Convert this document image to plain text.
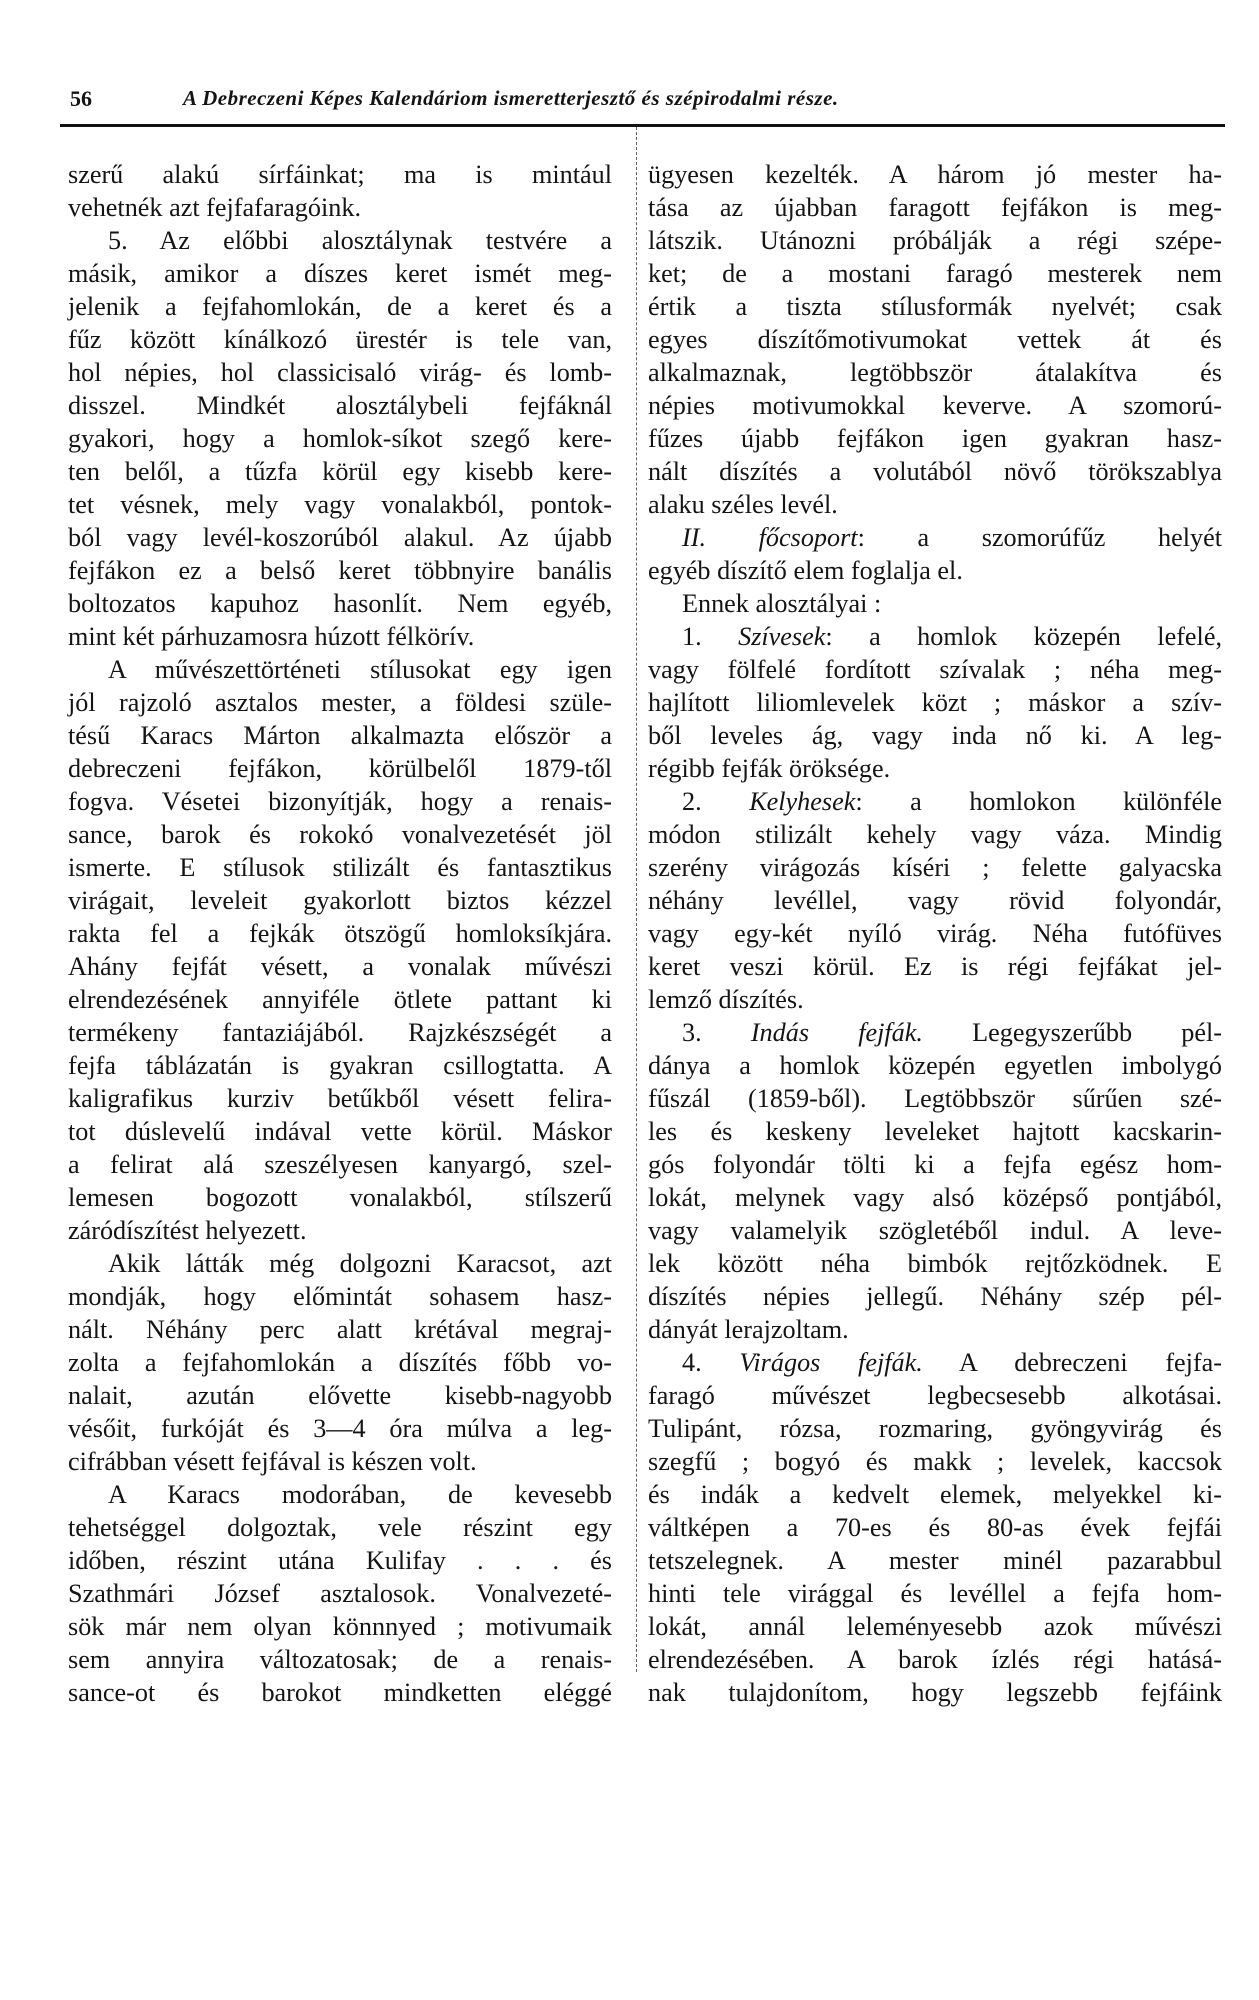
56	A Debreczeni Képes Kalendáriom ismeretterjesztő és szépirodalmi része.
szerű alakú sírfáinkat; ma is mintául
vehetnék azt fejfafaragóink.
5. Az előbbi alosztálynak testvére a
másik, amikor a díszes keret ismét meg-
jelenik a fejfahomlokán, de a keret és a
fűz között kínálkozó ürestér is tele van,
hol népies, hol classicisaló virág- és lomb-
disszel. Mindkét alosztálybeli fejfáknál
gyakori, hogy a homlok-síkot szegő kere-
ten belől, a tűzfa körül egy kisebb kere-
tet vésnek, mely vagy vonalakból, pontok-
ból vagy levél-koszorúból alakul. Az újabb
fejfákon ez a belső keret többnyire banális
boltozatos kapuhoz hasonlít. Nem egyéb,
mint két párhuzamosra húzott félkörív.
A művészettörténeti stílusokat egy igen
jól rajzoló asztalos mester, a földesi szüle-
tésű Karacs Márton alkalmazta először a
debreczeni fejfákon, körülbelől 1879-től
fogva. Vésetei bizonyítják, hogy a renais-
sance, barok és rokokó vonalvezetését jöl
ismerte. E stílusok stilizált és fantasztikus
virágait, leveleit gyakorlott biztos kézzel
rakta fel a fejkák ötszögű homloksíkjára.
Ahány fejfát vésett, a vonalak művészi
elrendezésének annyiféle ötlete pattant ki
termékeny fantaziájából. Rajzkészségét a
fejfa táblázatán is gyakran csillogtatta. A
kaligrafikus kurziv betűkből vésett felira-
tot dúslevelű indával vette körül. Máskor
a felirat alá szeszélyesen kanyargó, szel-
lemesen bogozott vonalakból, stílszerű
záródíszítést helyezett.
Akik látták még dolgozni Karacsot, azt
mondják, hogy előmintát sohasem hasz-
nált. Néhány perc alatt krétával megraj-
zolta a fejfahomlokán a díszítés főbb vo-
nalait, azután elővette kisebb-nagyobb
vésőit, furkóját és 3—4 óra múlva a leg-
cifrábban vésett fejfával is készen volt.
A Karacs modorában, de kevesebb
tehetséggel dolgoztak, vele részint egy
időben, részint utána Kulifay . . . és
Szathmári József asztalosok. Vonalvezeté-
sök már nem olyan könnnyed ; motivumaik
sem annyira változatosak; de a renais-
sance-ot és barokot mindketten eléggé
ügyesen kezelték. A három jó mester ha-
tása az újabban faragott fejfákon is meg-
látszik. Utánozni próbálják a régi szépe-
ket; de a mostani faragó mesterek nem
értik a tiszta stílusformák nyelvét; csak
egyes díszítőmotivumokat vettek át és
alkalmaznak, legtöbbször átalakítva és
népies motivumokkal keverve. A szomorú-
fűzes újabb fejfákon igen gyakran hasz-
nált díszítés a volutából növő törökszablya
alaku széles levél.
II. főcsoport: a szomorúfűz helyét
egyéb díszítő elem foglalja el.
Ennek alosztályai :
1. Szívesek: a homlok közepén lefelé,
vagy fölfelé fordított szívalak ; néha meg-
hajlított liliomlevelek közt ; máskor a szív-
ből leveles ág, vagy inda nő ki. A leg-
régibb fejfák öröksége.
2. Kelyhesek: a homlokon különféle
módon stilizált kehely vagy váza. Mindig
szerény virágozás kíséri ; felette galyacska
néhány levéllel, vagy rövid folyondár,
vagy egy-két nyíló virág. Néha futófüves
keret veszi körül. Ez is régi fejfákat jel-
lemző díszítés.
3. Indás fejfák. Legegyszerűbb pél-
dánya a homlok közepén egyetlen imbolygó
fűszál (1859-ből). Legtöbbször sűrűen szé-
les és keskeny leveleket hajtott kacskarin-
gós folyondár tölti ki a fejfa egész hom-
lokát, melynek vagy alsó középső pontjából,
vagy valamelyik szögletéből indul. A leve-
lek között néha bimbók rejtőzködnek. E
díszítés népies jellegű. Néhány szép pél-
dányát lerajzoltam.
4. Virágos fejfák. A debreczeni fejfa-
faragó művészet legbecsesebb alkotásai.
Tulipánt, rózsa, rozmaring, gyöngyvirág és
szegfű ; bogyó és makk ; levelek, kaccsok
és indák a kedvelt elemek, melyekkel ki-
váltképen a 70-es és 80-as évek fejfái
tetszelegnek. A mester minél pazarabbul
hinti tele virággal és levéllel a fejfa hom-
lokát, annál leleményesebb azok művészi
elrendezésében. A barok ízlés régi hatásá-
nak tulajdonítom, hogy legszebb fejfáink
